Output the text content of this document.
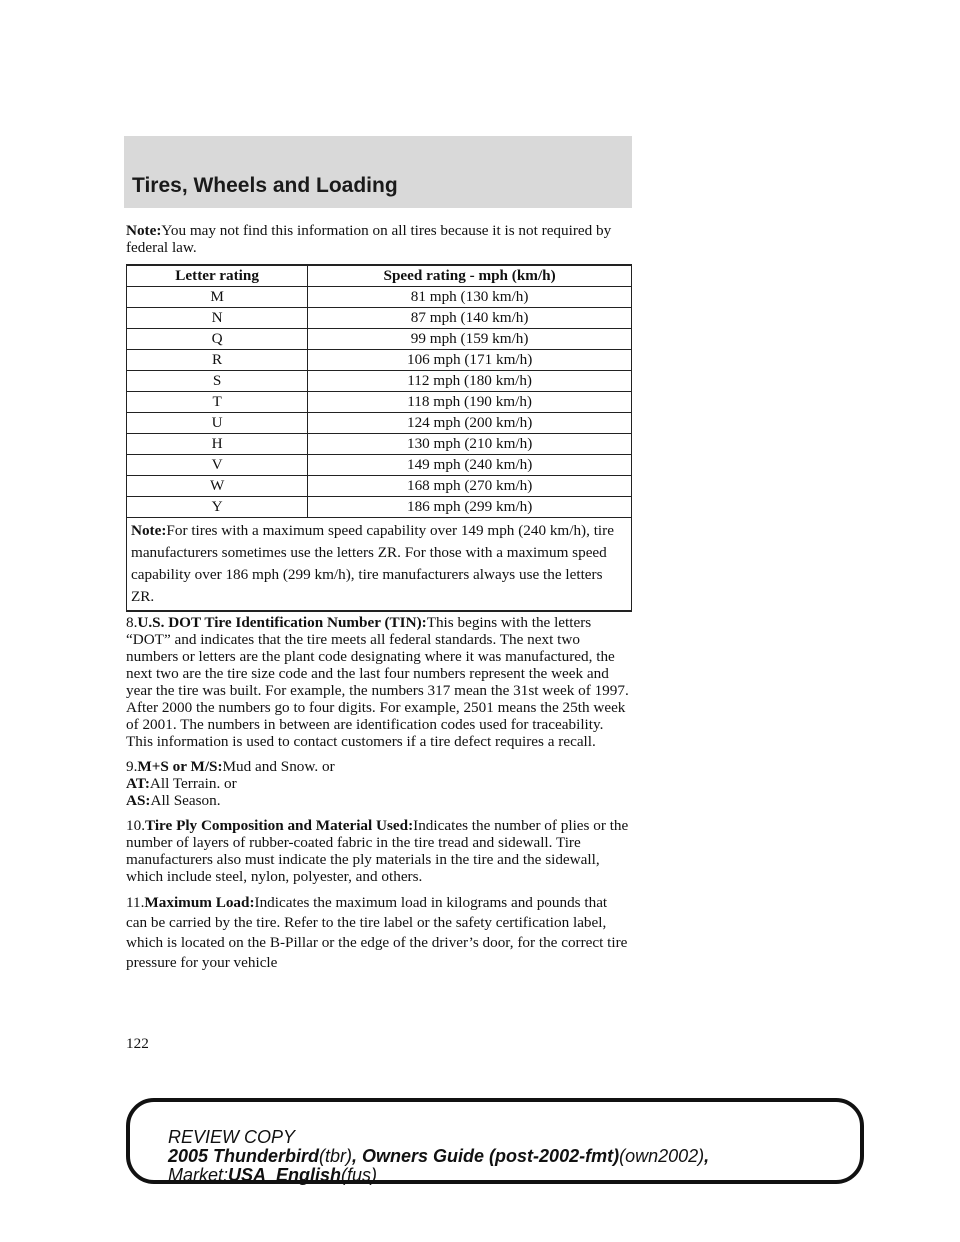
Tires, Wheels and Loading

Note:You may not find this information on all tires because it is not required by federal law.

Letter rating	Speed rating - mph (km/h)
M	81 mph (130 km/h)
N	87 mph (140 km/h)
Q	99 mph (159 km/h)
R	106 mph (171 km/h)
S	112 mph (180 km/h)
T	118 mph (190 km/h)
U	124 mph (200 km/h)
H	130 mph (210 km/h)
V	149 mph (240 km/h)
W	168 mph (270 km/h)
Y	186 mph (299 km/h)
Note:For tires with a maximum speed capability over 149 mph (240 km/h), tire manufacturers sometimes use the letters ZR. For those with a maximum speed capability over 186 mph (299 km/h), tire manufacturers always use the letters ZR.	

8.U.S. DOT Tire Identification Number (TIN):This begins with the letters “DOT” and indicates that the tire meets all federal standards. The next two numbers or letters are the plant code designating where it was manufactured, the next two are the tire size code and the last four numbers represent the week and year the tire was built. For example, the numbers 317 mean the 31st week of 1997. After 2000 the numbers go to four digits. For example, 2501 means the 25th week of 2001. The numbers in between are identification codes used for traceability. This information is used to contact customers if a tire defect requires a recall.

9.M+S or M/S:Mud and Snow. or

AT:All Terrain. or

AS:All Season.

10.Tire Ply Composition and Material Used:Indicates the number of plies or the number of layers of rubber-coated fabric in the tire tread and sidewall. Tire manufacturers also must indicate the ply materials in the tire and the sidewall, which include steel, nylon, polyester, and others.

11.Maximum Load:Indicates the maximum load in kilograms and pounds that can be carried by the tire. Refer to the tire label or the safety certification label, which is located on the B-Pillar or the edge of the driver’s door, for the correct tire pressure for your vehicle

122
REVIEW COPY
2005 Thunderbird(tbr), Owners Guide (post-2002-fmt)(own2002),
Market:USA_English(fus)
